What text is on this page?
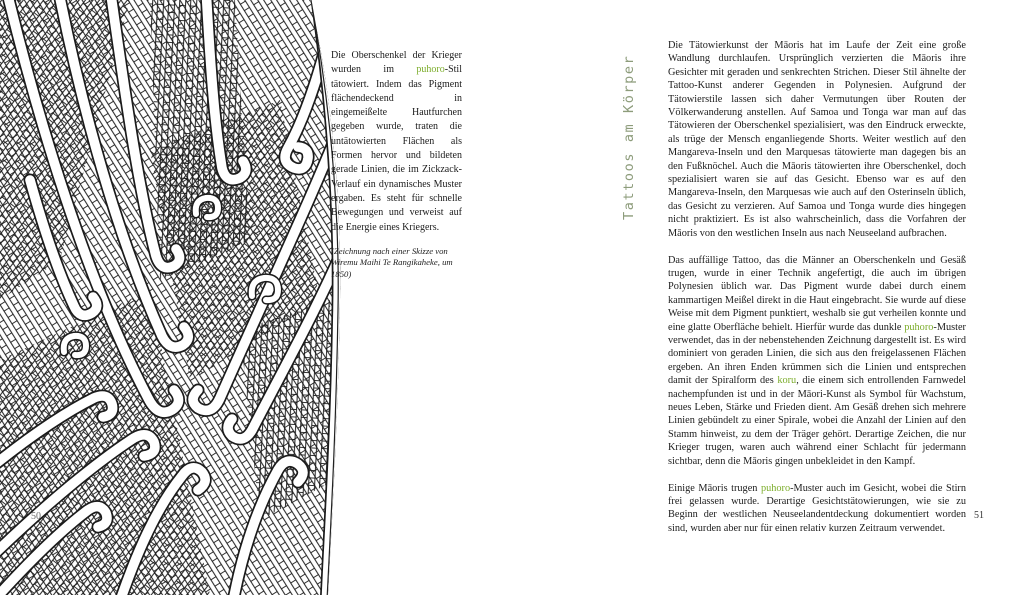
50
Die Oberschenkel der Krieger wurden im puhoro-Stil tätowiert. Indem das Pigment flächendeckend in eingemeißelte Hautfurchen gegeben wurde, traten die untätowierten Flächen als Formen hervor und bildeten gerade Linien, die im Zickzack-Verlauf ein dynamisches Muster ergaben. Es steht für schnelle Bewegungen und verweist auf die Energie eines Kriegers.
(Zeichnung nach einer Skizze von Wiremu Maihi Te Rangikaheke, um 1850)
Tattoos am Körper

Die Tätowierkunst der Māoris hat im Laufe der Zeit eine große Wandlung durchlaufen. Ursprünglich verzierten die Māoris ihre Gesichter mit geraden und senkrechten Strichen. Dieser Stil ähnelte der Tattoo-Kunst anderer Gegenden in Polynesien. Aufgrund der Tätowierstile lassen sich daher Vermutungen über Routen der Völkerwanderung anstellen. Auf Samoa und Tonga war man auf das Tätowieren der Oberschenkel spezialisiert, was den Eindruck erweckte, als trüge der Mensch enganliegende Shorts. Weiter westlich auf den Mangareva-Inseln und den Marquesas tätowierte man dagegen bis an den Fußknöchel. Auch die Māoris tätowierten ihre Oberschenkel, doch spezialisiert waren sie auf das Gesicht. Ebenso war es auf den Mangareva-Inseln, den Marquesas wie auch auf den Osterinseln üblich, das Gesicht zu verzieren. Auf Samoa und Tonga wurde dies hingegen nicht praktiziert. Es ist also wahrscheinlich, dass die Vorfahren der Māoris von den westlichen Inseln aus nach Neuseeland aufbrachen.

Das auffällige Tattoo, das die Männer an Oberschenkeln und Gesäß trugen, wurde in einer Technik angefertigt, die auch im übrigen Polynesien üblich war. Das Pigment wurde dabei durch einem kammartigen Meißel direkt in die Haut eingebracht. Sie wurde auf diese Weise mit dem Pigment punktiert, weshalb sie gut verheilen konnte und eine glatte Oberfläche behielt. Hierfür wurde das dunkle puhoro-Muster verwendet, das in der nebenstehenden Zeichnung dargestellt ist. Es wird dominiert von geraden Linien, die sich aus den freigelassenen Flächen ergeben. An ihren Enden krümmen sich die Linien und entsprechen damit der Spiralform des koru, die einem sich entrollenden Farnwedel nachempfunden ist und in der Māori-Kunst als Symbol für Wachstum, neues Leben, Stärke und Frieden dient. Am Gesäß drehen sich mehrere Linien gebündelt zu einer Spirale, wobei die Anzahl der Linien auf den Stamm hinweist, zu dem der Träger gehört. Derartige Zeichen, die nur Krieger trugen, waren auch während einer Schlacht für jedermann sichtbar, denn die Māoris gingen unbekleidet in den Kampf.

Einige Māoris trugen puhoro-Muster auch im Gesicht, wobei die Stirn frei gelassen wurde. Derartige Gesichtstätowierungen, wie sie zu Beginn der westlichen Neuseelandentdeckung dokumentiert worden sind, wurden aber nur für einen relativ kurzen Zeitraum verwendet.

51
